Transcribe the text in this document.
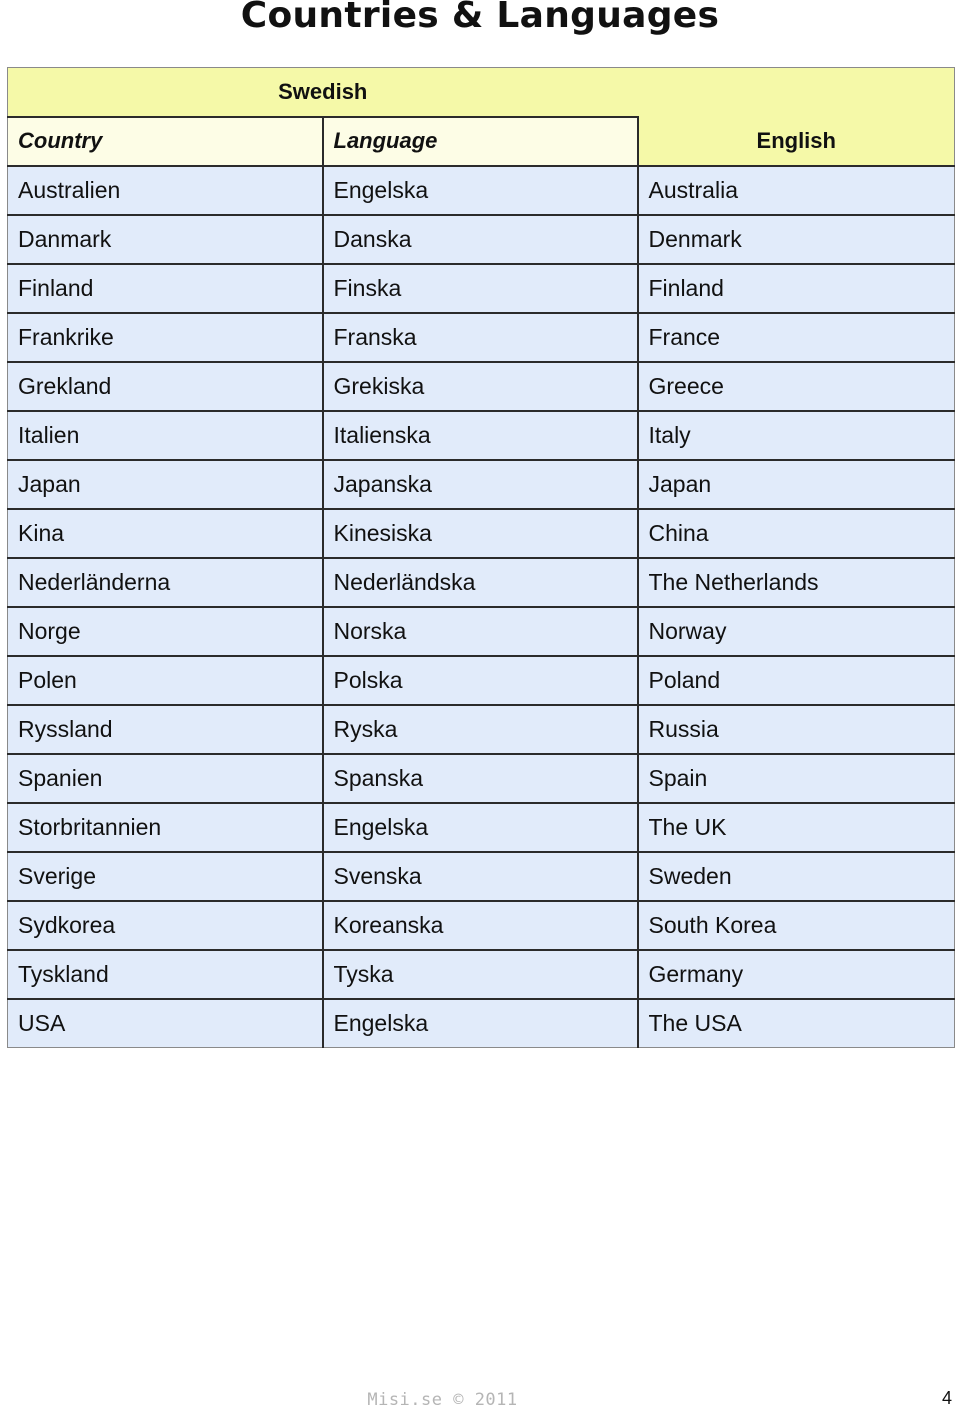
Countries & Languages
Swedish		
Country	Language	English
Australien	Engelska	Australia
Danmark	Danska	Denmark
Finland	Finska	Finland
Frankrike	Franska	France
Grekland	Grekiska	Greece
Italien	Italienska	Italy
Japan	Japanska	Japan
Kina	Kinesiska	China
Nederländerna	Nederländska	The Netherlands
Norge	Norska	Norway
Polen	Polska	Poland
Ryssland	Ryska	Russia
Spanien	Spanska	Spain
Storbritannien	Engelska	The UK
Sverige	Svenska	Sweden
Sydkorea	Koreanska	South Korea
Tyskland	Tyska	Germany
USA	Engelska	The USA
Misi.se © 2011	4
